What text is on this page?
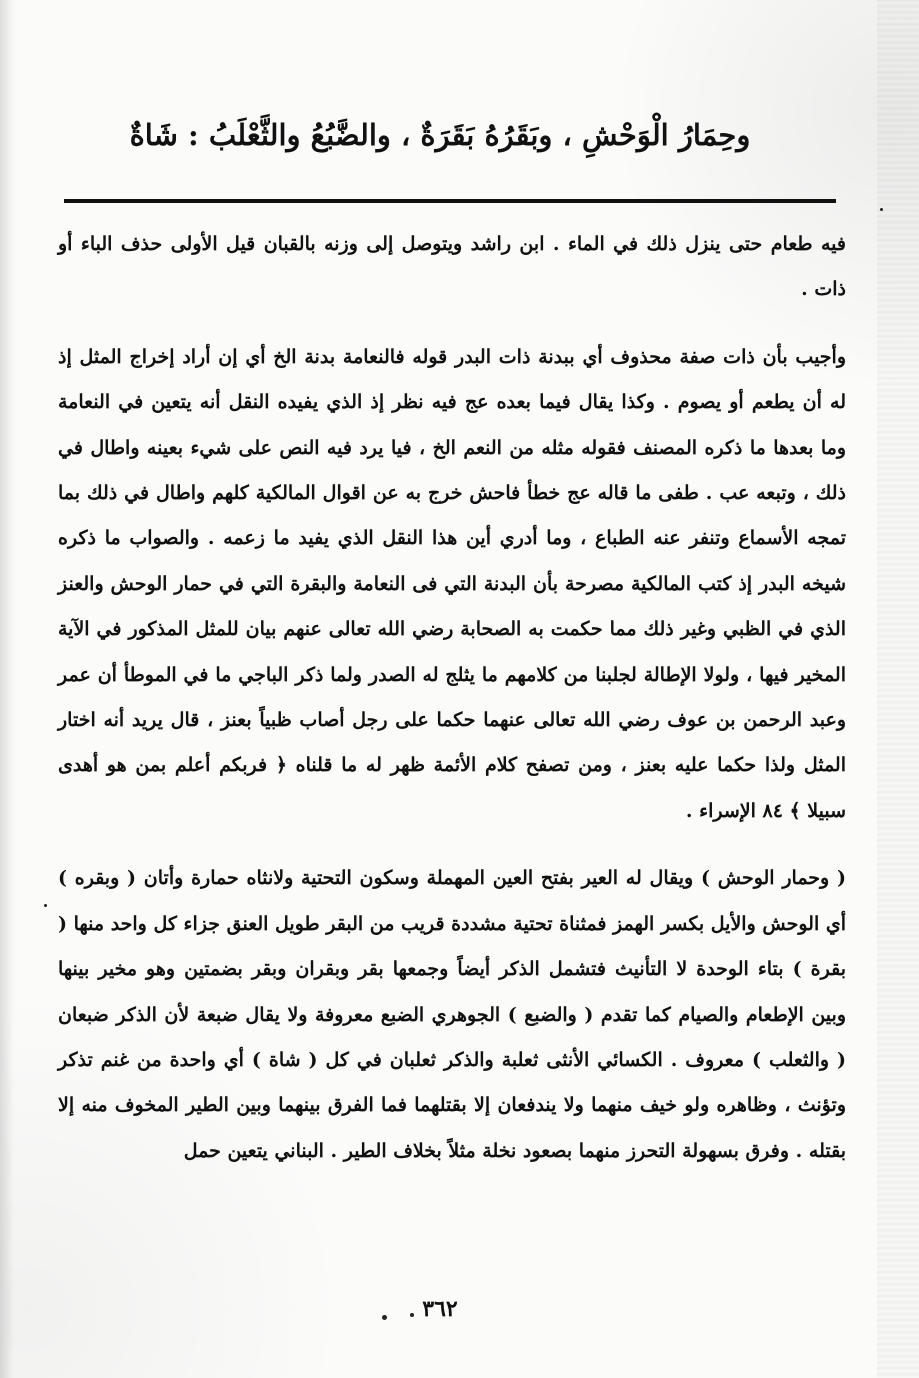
وحِمَارُ الْوَحْشِ ، وبَقَرُهُ بَقَرَةٌ ، والضَّبُعُ والثَّعْلَبُ : شَاةٌ

فيه طعام حتى ينزل ذلك في الماء . ابن راشد ويتوصل إلى وزنه بالقبان قيل الأولى حذف الباء أو ذات .

وأجيب بأن ذات صفة محذوف أي ببدنة ذات البدر قوله فالنعامة بدنة الخ أي إن أراد إخراج المثل إذ له أن يطعم أو يصوم . وكذا يقال فيما بعده عج فيه نظر إذ الذي يفيده النقل أنه يتعين في النعامة وما بعدها ما ذكره المصنف فقوله مثله من النعم الخ ، فيا يرد فيه النص على شيء بعينه واطال في ذلك ، وتبعه عب . طفى ما قاله عج خطأ فاحش خرج به عن اقوال المالكية كلهم واطال في ذلك بما تمجه الأسماع وتنفر عنه الطباع ، وما أدري أين هذا النقل الذي يفيد ما زعمه . والصواب ما ذكره شيخه البدر إذ كتب المالكية مصرحة بأن البدنة التي فى النعامة والبقرة التي في حمار الوحش والعنز الذي في الظبي وغير ذلك مما حكمت به الصحابة رضي الله تعالى عنهم بيان للمثل المذكور في الآية المخير فيها ، ولولا الإطالة لجلبنا من كلامهم ما يثلج له الصدر ولما ذكر الباجي ما في الموطأ أن عمر وعبد الرحمن بن عوف رضي الله تعالى عنهما حكما على رجل أصاب ظبياً بعنز ، قال يريد أنه اختار المثل ولذا حكما عليه بعنز ، ومن تصفح كلام الأئمة ظهر له ما قلناه ﴿ فربكم أعلم بمن هو أهدى سبيلا ﴾ ٨٤ الإسراء .

( وحمار الوحش ) ويقال له العير بفتح العين المهملة وسكون التحتية ولانثاه حمارة وأتان ( وبقره ) أي الوحش والأيل بكسر الهمز فمثناة تحتية مشددة قريب من البقر طويل العنق جزاء كل واحد منها ( بقرة ) بتاء الوحدة لا التأنيث فتشمل الذكر أيضاً وجمعها بقر وبقران وبقر بضمتين وهو مخير بينها وبين الإطعام والصيام كما تقدم ( والضبع ) الجوهري الضبع معروفة ولا يقال ضبعة لأن الذكر ضبعان ( والثعلب ) معروف . الكسائي الأنثى ثعلبة والذكر ثعلبان في كل ( شاة ) أي واحدة من غنم تذكر وتؤنث ، وظاهره ولو خيف منهما ولا يندفعان إلا بقتلهما فما الفرق بينهما وبين الطير المخوف منه إلا بقتله . وفرق بسهولة التحرز منهما بصعود نخلة مثلاً بخلاف الطير . البناني يتعين حمل

٣٦٢
